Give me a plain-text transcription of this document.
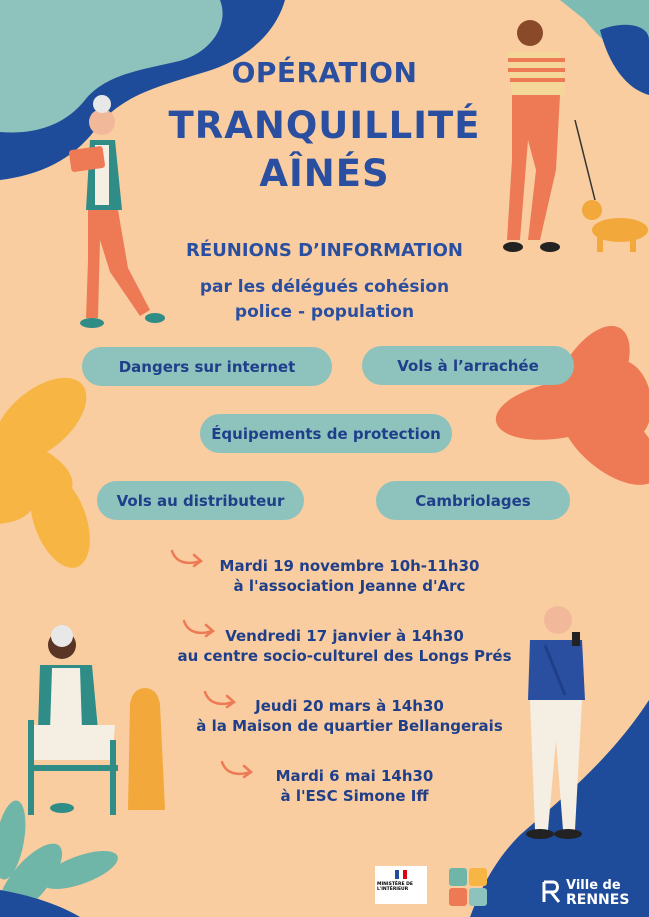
OPÉRATION
TRANQUILLITÉ
AÎNÉS
RÉUNIONS D’INFORMATION
par les délégués cohésion
police - population
Dangers sur internet	Vols à l’arrachée
Équipements de protection
Vols au distributeur	Cambriolages
Mardi 19 novembre 10h-11h30
à l'association Jeanne d'Arc
Vendredi 17 janvier à 14h30
au centre socio-culturel des Longs Prés
Jeudi 20 mars à 14h30
à la Maison de quartier Bellangerais
Mardi 6 mai 14h30
à l'ESC Simone Iff
MINISTÈRE DE L'INTÉRIEUR	Ville de
RENNES
